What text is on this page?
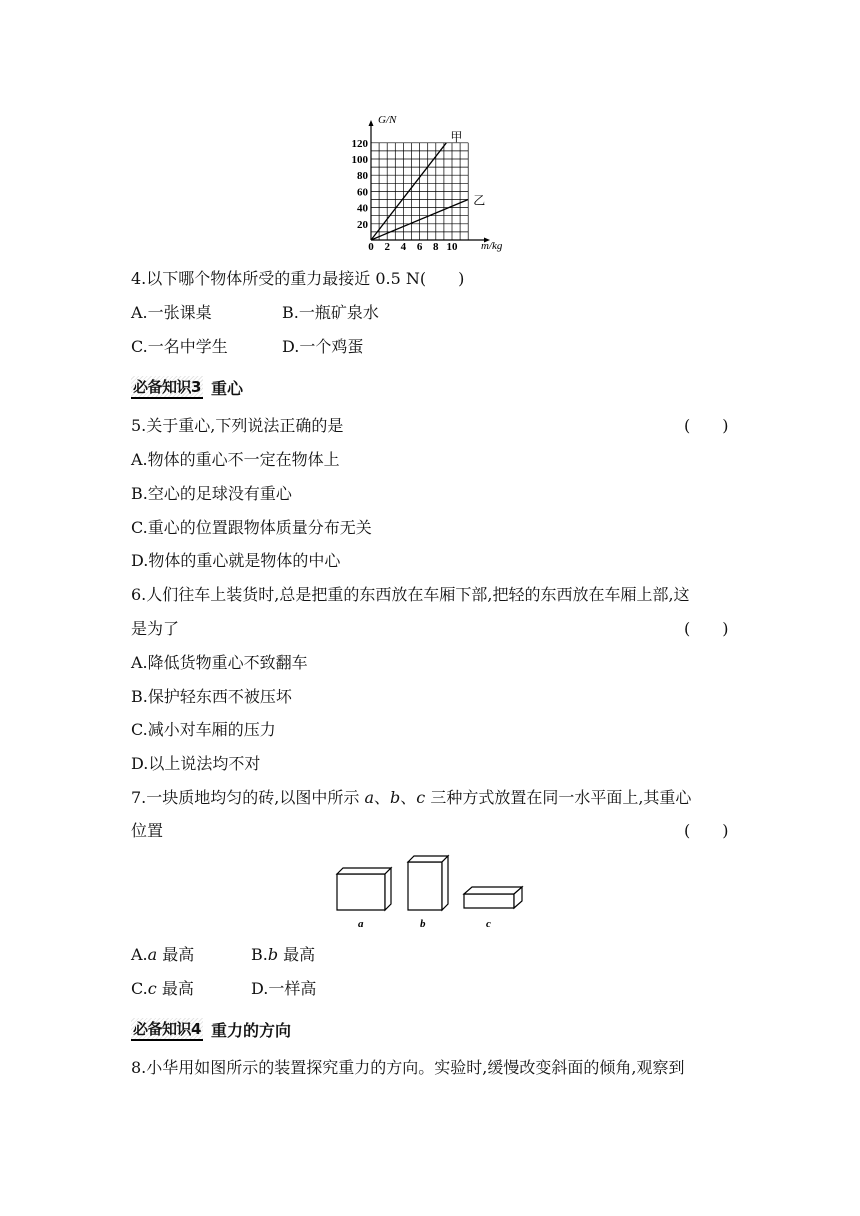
0 2 4 6 8 10
20
40
60
80
100
120	甲
乙
G/N
m/kg
4.以下哪个物体所受的重力最接近 0.5 N(　　)
A.一张课桌	B.一瓶矿泉水
C.一名中学生	D.一个鸡蛋
必备知识3 重心
5.关于重心,下列说法正确的是	(　　)
A.物体的重心不一定在物体上
B.空心的足球没有重心
C.重心的位置跟物体质量分布无关
D.物体的重心就是物体的中心
6.人们往车上装货时,总是把重的东西放在车厢下部,把轻的东西放在车厢上部,这
是为了	(　　)
A.降低货物重心不致翻车
B.保护轻东西不被压坏
C.减小对车厢的压力
D.以上说法均不对
7.一块质地均匀的砖,以图中所示 a、b、c 三种方式放置在同一水平面上,其重心
位置	(　　)
a	b	c
A.a 最高	B.b 最高
C.c 最高	D.一样高
必备知识4 重力的方向
8.小华用如图所示的装置探究重力的方向。实验时,缓慢改变斜面的倾角,观察到
